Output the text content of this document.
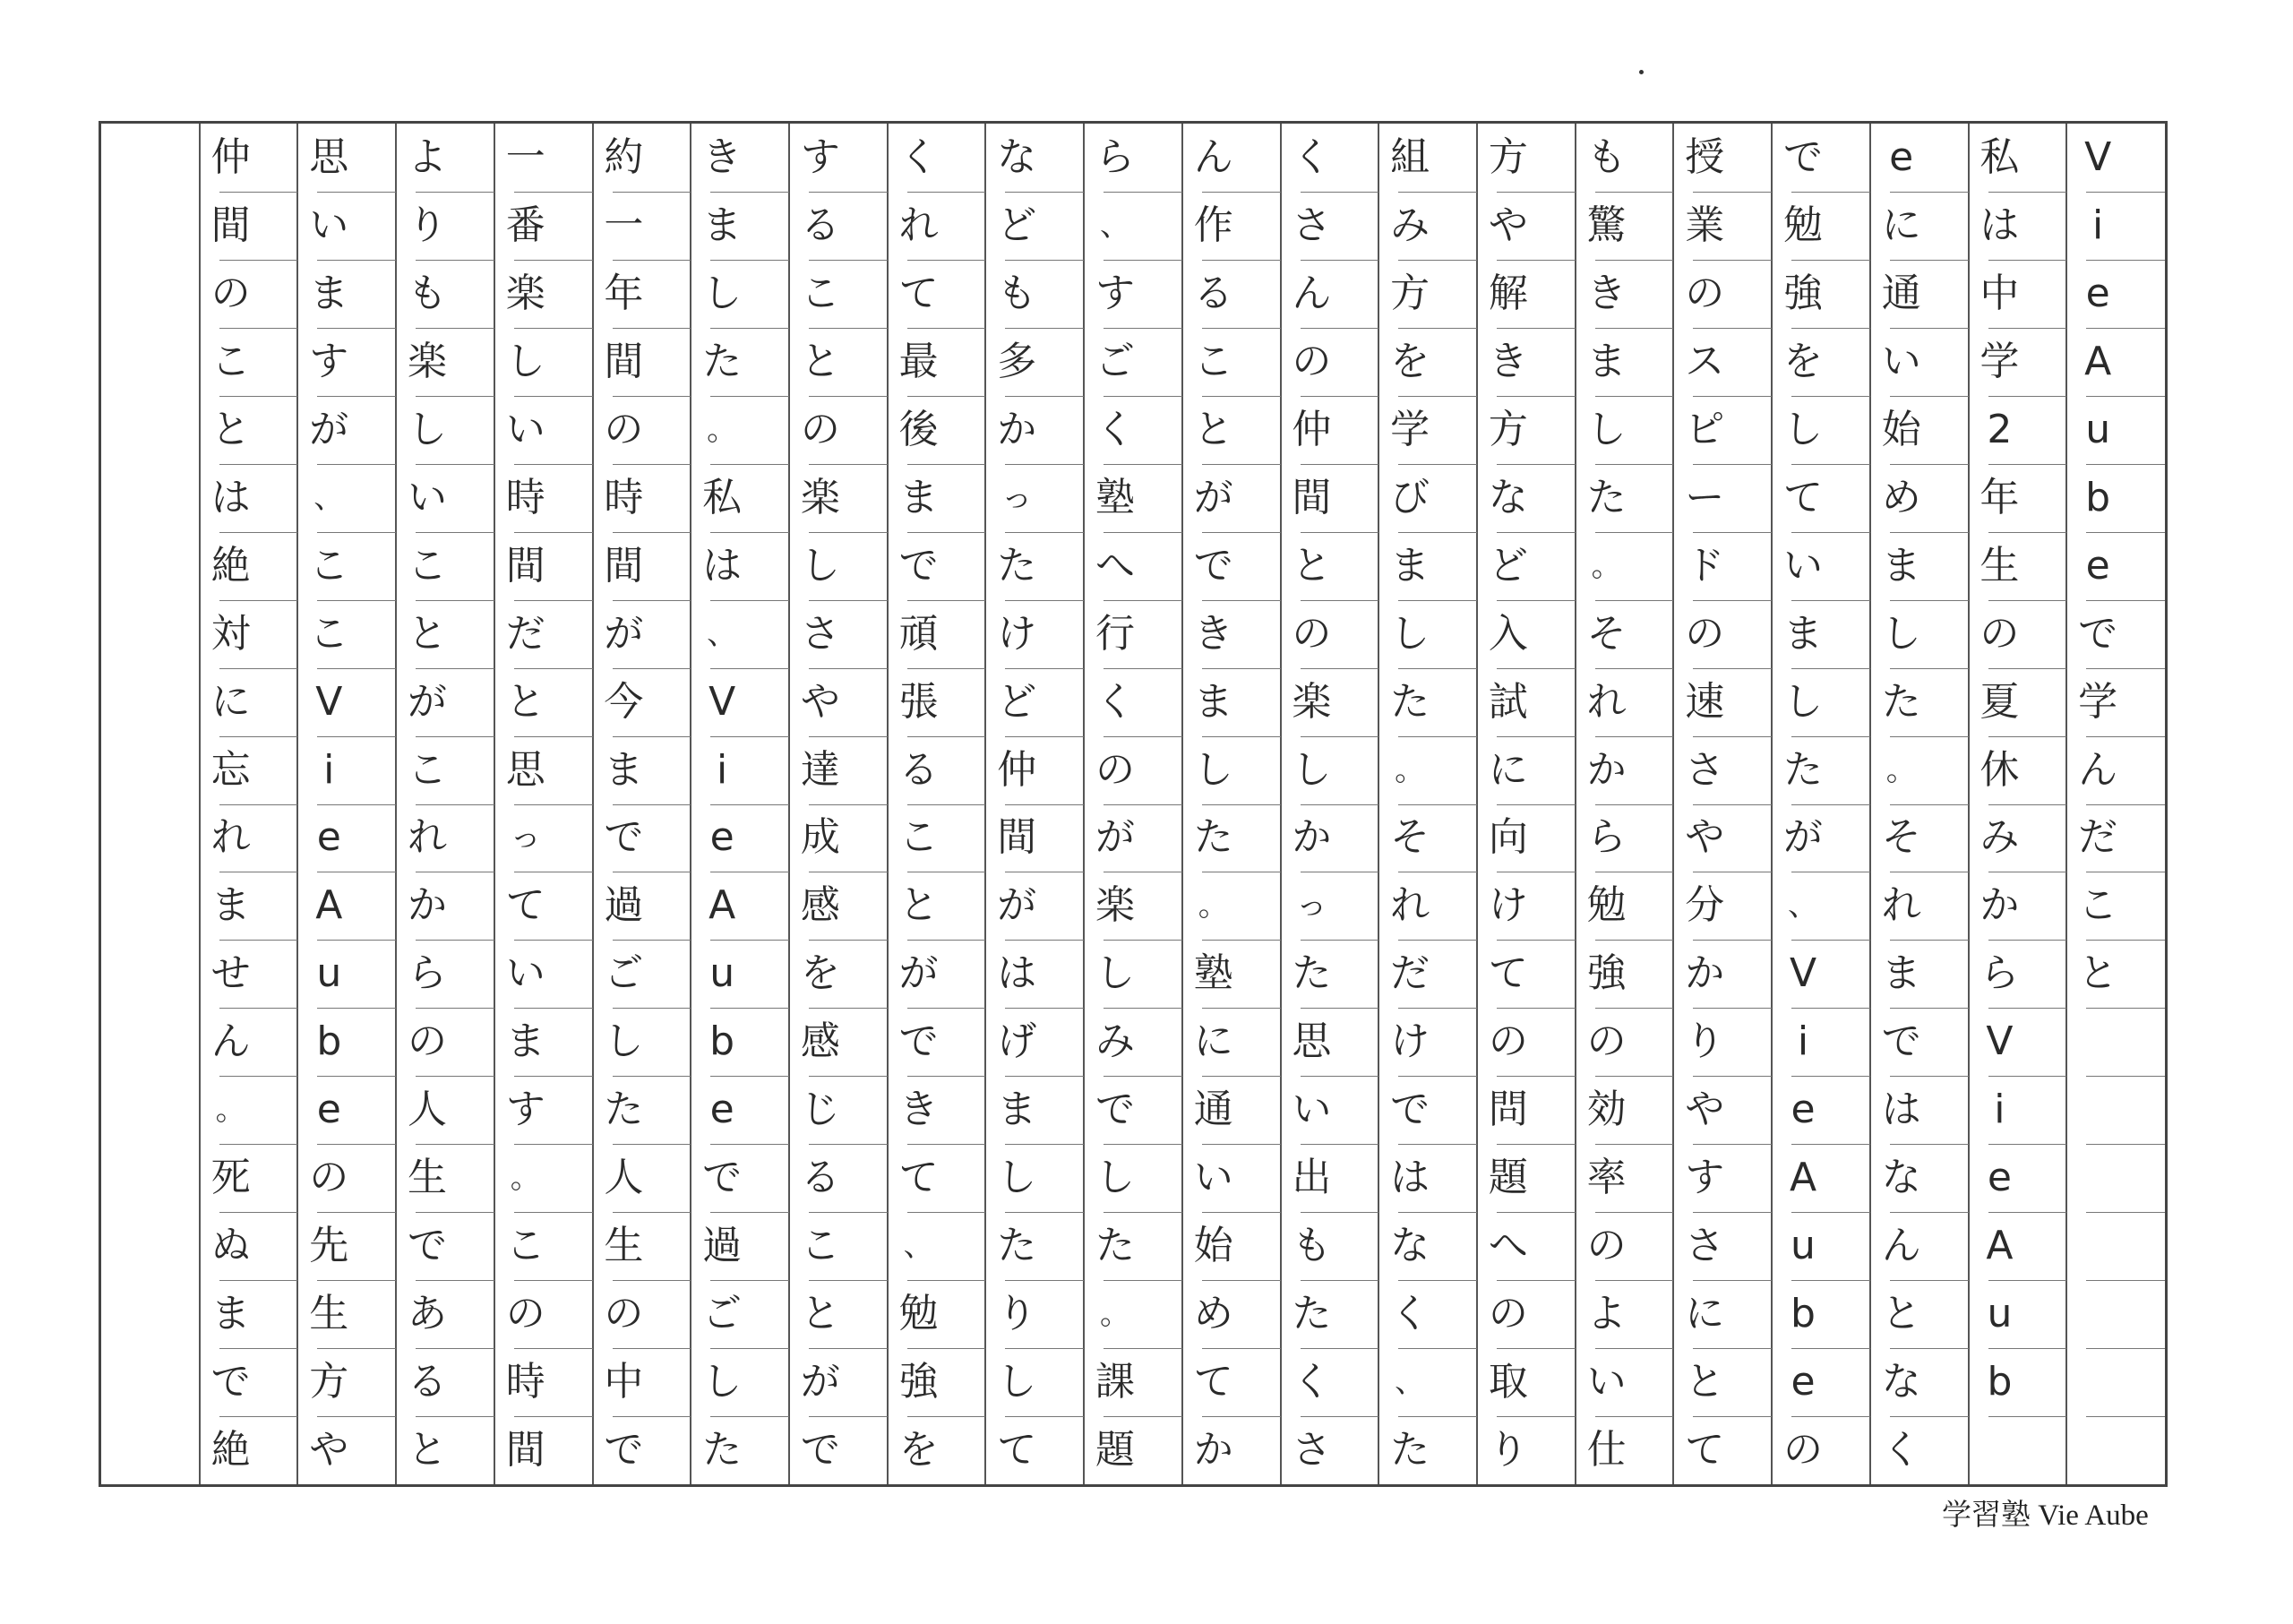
V
i
e
A
u
b
e
で
学
ん
だ
こ
と
私
は
中
学
2
年
生
の
夏
休
み
か
ら
V
i
e
A
u
b
e
に
通
い
始
め
ま
し
た
。
そ
れ
ま
で
は
な
ん
と
な
く
で
勉
強
を
し
て
い
ま
し
た
が
、
V
i
e
A
u
b
e
の
授
業
の
ス
ピ
ー
ド
の
速
さ
や
分
か
り
や
す
さ
に
と
て
も
驚
き
ま
し
た
。
そ
れ
か
ら
勉
強
の
効
率
の
よ
い
仕
方
や
解
き
方
な
ど
入
試
に
向
け
て
の
問
題
へ
の
取
り
組
み
方
を
学
び
ま
し
た
。
そ
れ
だ
け
で
は
な
く
、
た
く
さ
ん
の
仲
間
と
の
楽
し
か
っ
た
思
い
出
も
た
く
さ
ん
作
る
こ
と
が
で
き
ま
し
た
。
塾
に
通
い
始
め
て
か
ら
、
す
ご
く
塾
へ
行
く
の
が
楽
し
み
で
し
た
。
課
題
な
ど
も
多
か
っ
た
け
ど
仲
間
が
は
げ
ま
し
た
り
し
て
く
れ
て
最
後
ま
で
頑
張
る
こ
と
が
で
き
て
、
勉
強
を
す
る
こ
と
の
楽
し
さ
や
達
成
感
を
感
じ
る
こ
と
が
で
き
ま
し
た
。
私
は
、
V
i
e
A
u
b
e
で
過
ご
し
た
約
一
年
間
の
時
間
が
今
ま
で
過
ご
し
た
人
生
の
中
で
一
番
楽
し
い
時
間
だ
と
思
っ
て
い
ま
す
。
こ
の
時
間
よ
り
も
楽
し
い
こ
と
が
こ
れ
か
ら
の
人
生
で
あ
る
と
思
い
ま
す
が
、
こ
こ
V
i
e
A
u
b
e
の
先
生
方
や
仲
間
の
こ
と
は
絶
対
に
忘
れ
ま
せ
ん
。
死
ぬ
ま
で
絶
学習塾 Vie Aube
